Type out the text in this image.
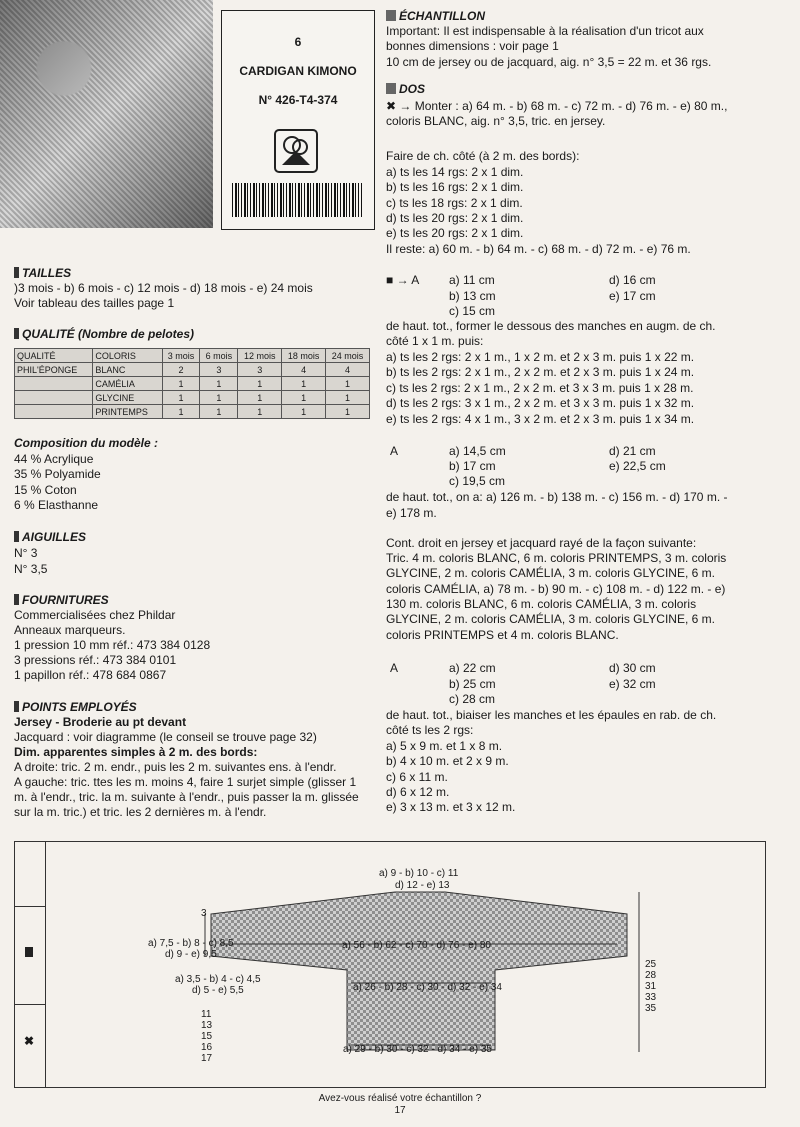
6
CARDIGAN KIMONO
N° 426-T4-374
TAILLES
)3 mois - b) 6 mois - c) 12 mois - d) 18 mois - e) 24 mois
Voir tableau des tailles page 1
QUALITÉ (Nombre de pelotes)
QUALITÉ	COLORIS	3 mois	6 mois	12 mois	18 mois	24 mois
PHIL'ÉPONGE	BLANC	2	3	3	4	4
	CAMÉLIA	1	1	1	1	1
	GLYCINE	1	1	1	1	1
	PRINTEMPS	1	1	1	1	1
Composition du modèle :
44 % Acrylique
35 % Polyamide
15 % Coton
6 % Elasthanne
AIGUILLES
N° 3
N° 3,5
FOURNITURES
Commercialisées chez Phildar
Anneaux marqueurs.
1 pression 10 mm réf.: 473 384 0128
3 pressions réf.: 473 384 0101
1 papillon réf.: 478 684 0867
POINTS EMPLOYÉS
Jersey - Broderie au pt devant
Jacquard : voir diagramme (le conseil se trouve page 32)
Dim. apparentes simples à 2 m. des bords:
A droite: tric. 2 m. endr., puis les 2 m. suivantes ens. à l'endr.
A gauche: tric. ttes les m. moins 4, faire 1 surjet simple (glisser 1
m. à l'endr., tric. la m. suivante à l'endr., puis passer la m. glissée
sur la m. tric.) et tric. les 2 dernières m. à l'endr.
ÉCHANTILLON
Important: Il est indispensable à la réalisation d'un tricot aux
bonnes dimensions : voir page 1
10 cm de jersey ou de jacquard, aig. n° 3,5 = 22 m. et 36 rgs.
DOS
✖ → Monter : a) 64 m. - b) 68 m. - c) 72 m. - d) 76 m. - e) 80 m.,
coloris BLANC, aig. n° 3,5, tric. en jersey.
Faire de ch. côté (à 2 m. des bords):
a) ts les 14 rgs: 2 x 1 dim.
b) ts les 16 rgs: 2 x 1 dim.
c) ts les 18 rgs: 2 x 1 dim.
d) ts les 20 rgs: 2 x 1 dim.
e) ts les 20 rgs: 2 x 1 dim.
Il reste: a) 60 m. - b) 64 m. - c) 68 m. - d) 72 m. - e) 76 m.
■ → A a) 11 cm
b) 13 cm
c) 15 cm
d) 16 cm
e) 17 cm
de haut. tot., former le dessous des manches en augm. de ch.
côté 1 x 1 m. puis:
a) ts les 2 rgs: 2 x 1 m., 1 x 2 m. et 2 x 3 m. puis 1 x 22 m.
b) ts les 2 rgs: 2 x 1 m., 2 x 2 m. et 2 x 3 m. puis 1 x 24 m.
c) ts les 2 rgs: 2 x 1 m., 2 x 2 m. et 3 x 3 m. puis 1 x 28 m.
d) ts les 2 rgs: 3 x 1 m., 2 x 2 m. et 3 x 3 m. puis 1 x 32 m.
e) ts les 2 rgs: 4 x 1 m., 3 x 2 m. et 2 x 3 m. puis 1 x 34 m.
A	a) 14,5 cm
b) 17 cm
c) 19,5 cm
d) 21 cm
e) 22,5 cm
de haut. tot., on a: a) 126 m. - b) 138 m. - c) 156 m. - d) 170 m. -
e) 178 m.
Cont. droit en jersey et jacquard rayé de la façon suivante:
Tric. 4 m. coloris BLANC, 6 m. coloris PRINTEMPS, 3 m. coloris
GLYCINE, 2 m. coloris CAMÉLIA, 3 m. coloris GLYCINE, 6 m.
coloris CAMÉLIA, a) 78 m. - b) 90 m. - c) 108 m. - d) 122 m. - e)
130 m. coloris BLANC, 6 m. coloris CAMÉLIA, 3 m. coloris
GLYCINE, 2 m. coloris CAMÉLIA, 3 m. coloris GLYCINE, 6 m.
coloris PRINTEMPS et 4 m. coloris BLANC.
A	a) 22 cm
b) 25 cm
c) 28 cm
d) 30 cm
e) 32 cm
de haut. tot., biaiser les manches et les épaules en rab. de ch.
côté ts les 2 rgs:
a) 5 x 9 m. et 1 x 8 m.
b) 4 x 10 m. et 2 x 9 m.
c) 6 x 11 m.
d) 6 x 12 m.
e) 3 x 13 m. et 3 x 12 m.
✖
a) 9 - b) 10 - c) 11
d) 12 - e) 13
3
a) 7,5 - b) 8 - c) 8,5
d) 9 - e) 9,5
a) 56 - b) 62 - c) 70 - d) 76 - e) 80
a) 3,5 - b) 4 - c) 4,5
d) 5 - e) 5,5	a) 26 - b) 28 - c) 30 - d) 32 - e) 34
a) 29 - b) 30 - c) 32 - d) 34 - e) 35
11
13
15
16
17
25
28
31
33
35
Avez-vous réalisé votre échantillon ?
17
